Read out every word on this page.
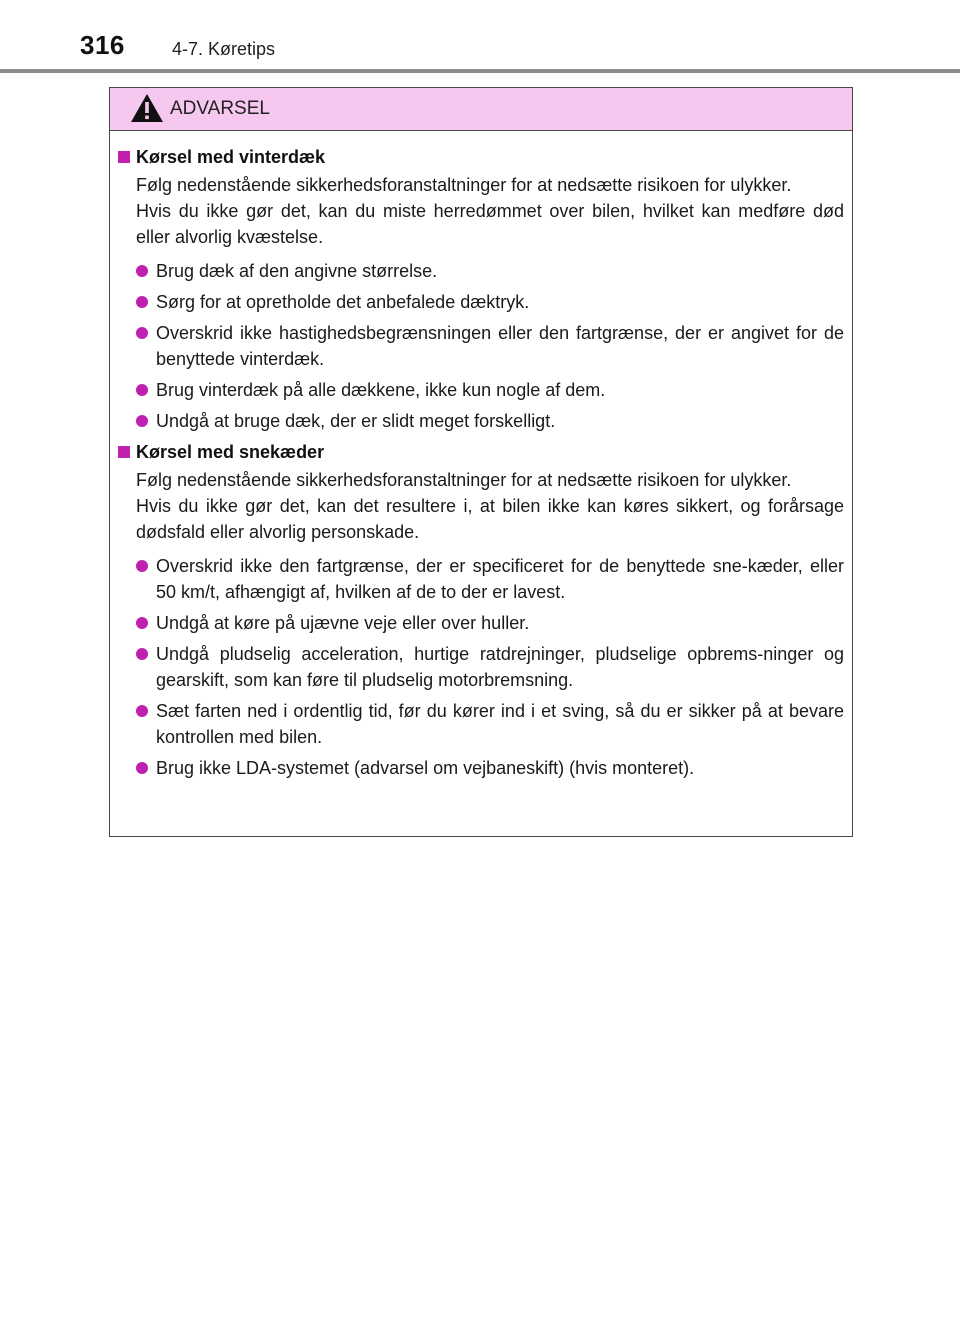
316	4-7. Køretips
ADVARSEL
Kørsel med vinterdæk
Følg nedenstående sikkerhedsforanstaltninger for at nedsætte risikoen for ulykker.
Hvis du ikke gør det, kan du miste herredømmet over bilen, hvilket kan medføre død eller alvorlig kvæstelse.
Brug dæk af den angivne størrelse.
Sørg for at opretholde det anbefalede dæktryk.
Overskrid ikke hastighedsbegrænsningen eller den fartgrænse, der er angivet for de benyttede vinterdæk.
Brug vinterdæk på alle dækkene, ikke kun nogle af dem.
Undgå at bruge dæk, der er slidt meget forskelligt.
Kørsel med snekæder
Følg nedenstående sikkerhedsforanstaltninger for at nedsætte risikoen for ulykker.
Hvis du ikke gør det, kan det resultere i, at bilen ikke kan køres sikkert, og forårsage dødsfald eller alvorlig personskade.
Overskrid ikke den fartgrænse, der er specificeret for de benyttede sne-kæder, eller 50 km/t, afhængigt af, hvilken af de to der er lavest.
Undgå at køre på ujævne veje eller over huller.
Undgå pludselig acceleration, hurtige ratdrejninger, pludselige opbrems-ninger og gearskift, som kan føre til pludselig motorbremsning.
Sæt farten ned i ordentlig tid, før du kører ind i et sving, så du er sikker på at bevare kontrollen med bilen.
Brug ikke LDA-systemet (advarsel om vejbaneskift) (hvis monteret).
